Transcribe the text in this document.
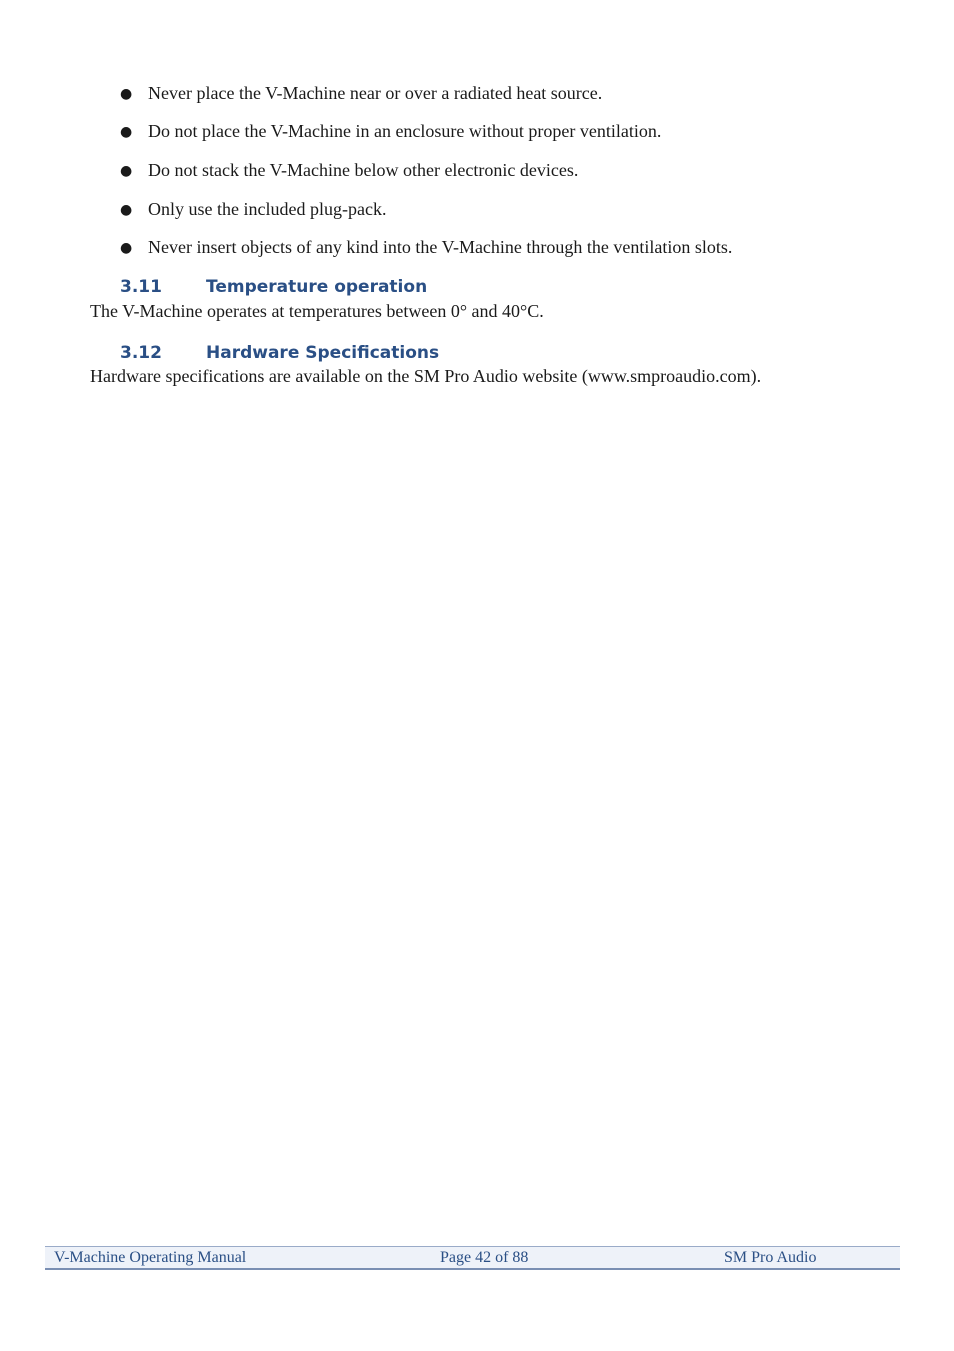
● Never place the V-Machine near or over a radiated heat source.
● Do not place the V-Machine in an enclosure without proper ventilation.
● Do not stack the V-Machine below other electronic devices.
● Only use the included plug-pack.
● Never insert objects of any kind into the V-Machine through the ventilation slots.
3.11	Temperature operation

The V-Machine operates at temperatures between 0° and 40°C.

3.12	Hardware Specifications

Hardware specifications are available on the SM Pro Audio website (www.smproaudio.com).

V-Machine Operating Manual	Page 42 of 88	SM Pro Audio
